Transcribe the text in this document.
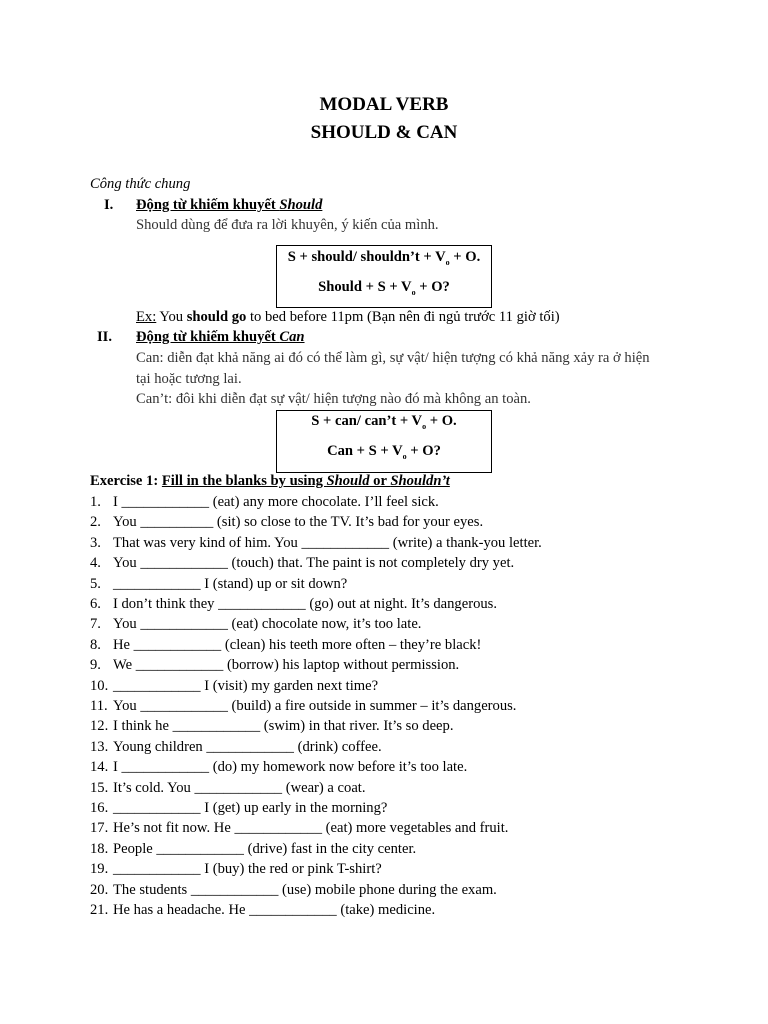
MODAL VERB
SHOULD & CAN
Công thức chung
I. Động từ khiếm khuyết Should
Should dùng để đưa ra lời khuyên, ý kiến của mình.
S + should/ shouldn’t + $V_o + O$.
Should + $S + V_o + O$?
Ex: You should go to bed before 11pm (Bạn nên đi ngủ trước 11 giờ tối)
II. Động từ khiếm khuyết Can
Can: diễn đạt khả năng ai đó có thể làm gì, sự vật/ hiện tượng có khả năng xảy ra ở hiện
tại hoặc tương lai.
Can’t: đôi khi diễn đạt sự vật/ hiện tượng nào đó mà không an toàn.
S + can/ can’t + $V_o + O$.
Can + $S + V_o + O$?
Exercise 1: Fill in the blanks by using Should or Shouldn’t
1. I ____________ (eat) any more chocolate. I’ll feel sick.
2. You __________ (sit) so close to the TV. It’s bad for your eyes.
3. That was very kind of him. You ____________ (write) a thank-you letter.
4. You ____________ (touch) that. The paint is not completely dry yet.
5. ____________ I (stand) up or sit down?
6. I don’t think they ____________ (go) out at night. It’s dangerous.
7. You ____________ (eat) chocolate now, it’s too late.
8. He ____________ (clean) his teeth more often – they’re black!
9. We ____________ (borrow) his laptop without permission.
10. ____________ I (visit) my garden next time?
11. You ____________ (build) a fire outside in summer – it’s dangerous.
12. I think he ____________ (swim) in that river. It’s so deep.
13. Young children ____________ (drink) coffee.
14. I ____________ (do) my homework now before it’s too late.
15. It’s cold. You ____________ (wear) a coat.
16. ____________ I (get) up early in the morning?
17. He’s not fit now. He ____________ (eat) more vegetables and fruit.
18. People ____________ (drive) fast in the city center.
19. ____________ I (buy) the red or pink T-shirt?
20. The students ____________ (use) mobile phone during the exam.
21. He has a headache. He ____________ (take) medicine.
